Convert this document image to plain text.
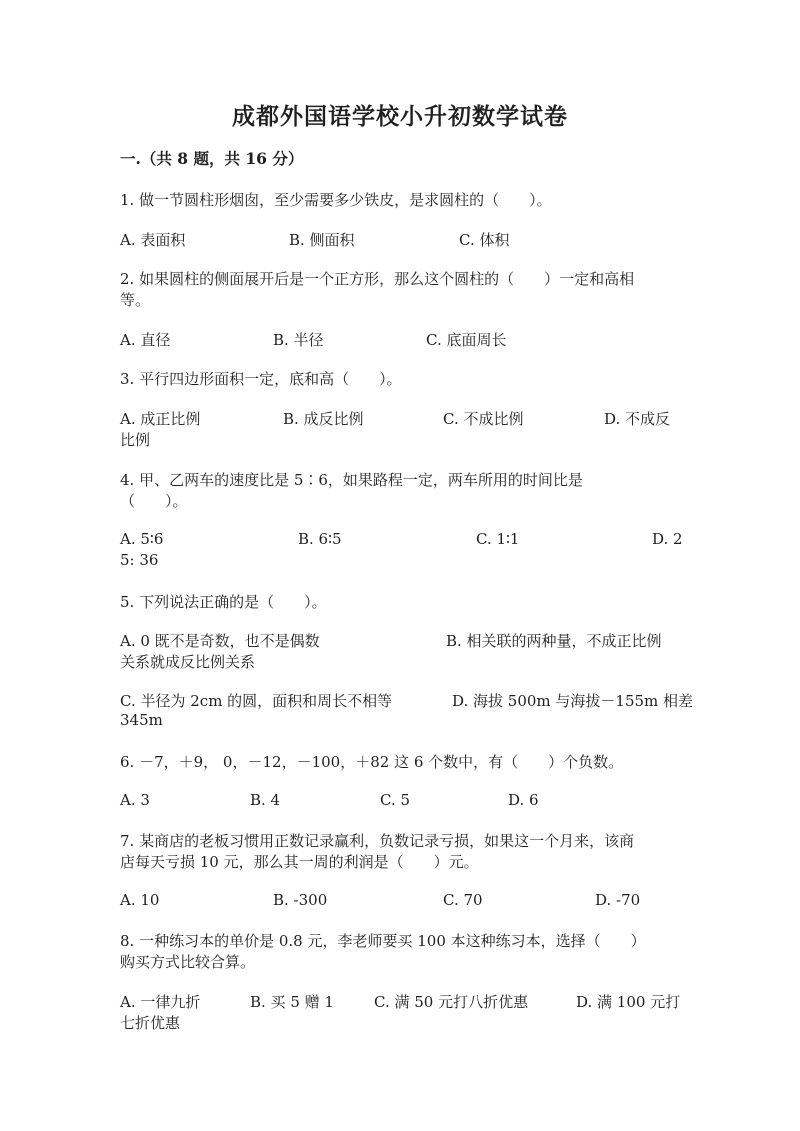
成都外国语学校小升初数学试卷
一.（共 8 题，共 16 分）
1. 做一节圆柱形烟囱，至少需要多少铁皮，是求圆柱的（　　）。
A. 表面积	B. 侧面积	C. 体积
2. 如果圆柱的侧面展开后是一个正方形，那么这个圆柱的（　　）一定和高相
等。
A. 直径	B. 半径	C. 底面周长
3. 平行四边形面积一定，底和高（　　）。
A. 成正比例	B. 成反比例	C. 不成比例	D. 不成反
比例
4. 甲、乙两车的速度比是 5∶6，如果路程一定，两车所用的时间比是
（　　）。
A. 5∶6	B. 6∶5	C. 1∶1	D. 2
5: 36
5. 下列说法正确的是（　　）。
A. 0 既不是奇数，也不是偶数	B. 相关联的两种量，不成正比例
关系就成反比例关系
C. 半径为 2cm 的圆，面积和周长不相等	D. 海拔 500m 与海拔－155m 相差
345m
6. －7，＋9， 0，－12，－100，＋82 这 6 个数中，有（　　）个负数。
A. 3	B. 4	C. 5	D. 6
7. 某商店的老板习惯用正数记录赢利，负数记录亏损，如果这一个月来，该商
店每天亏损 10 元，那么其一周的利润是（　　）元。
A. 10	B. -300	C. 70	D. -70
8. 一种练习本的单价是 0.8 元，李老师要买 100 本这种练习本，选择（　　）
购买方式比较合算。
A. 一律九折	B. 买 5 赠 1	C. 满 50 元打八折优惠	D. 满 100 元打
七折优惠
